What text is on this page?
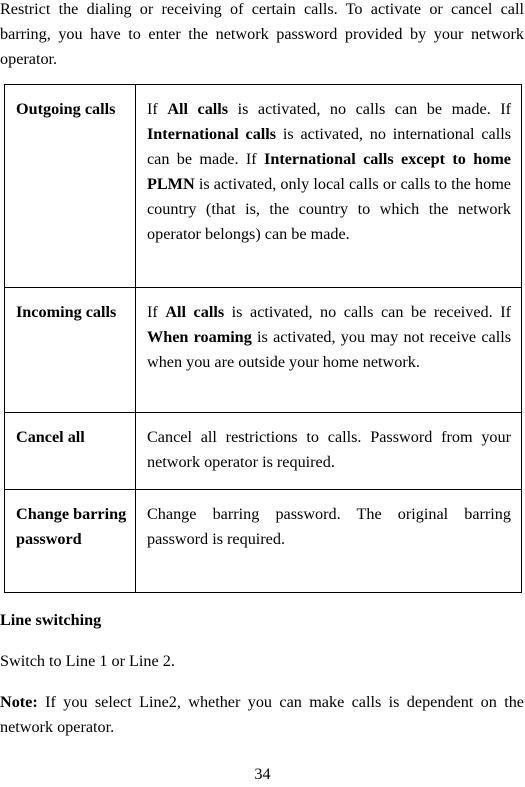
Restrict the dialing or receiving of certain calls. To activate or cancel call barring, you have to enter the network password provided by your network operator.

Outgoing calls	If All calls is activated, no calls can be made. If International calls is activated, no international calls can be made. If International calls except to home PLMN is activated, only local calls or calls to the home country (that is, the country to which the network operator belongs) can be made.

Incoming calls	If All calls is activated, no calls can be received. If When roaming is activated, you may not receive calls when you are outside your home network.

Cancel all	Cancel all restrictions to calls. Password from your network operator is required.

Change barring password	Change barring password. The original barring password is required.

Line switching

Switch to Line 1 or Line 2.

Note: If you select Line2, whether you can make calls is dependent on the network operator.

34
